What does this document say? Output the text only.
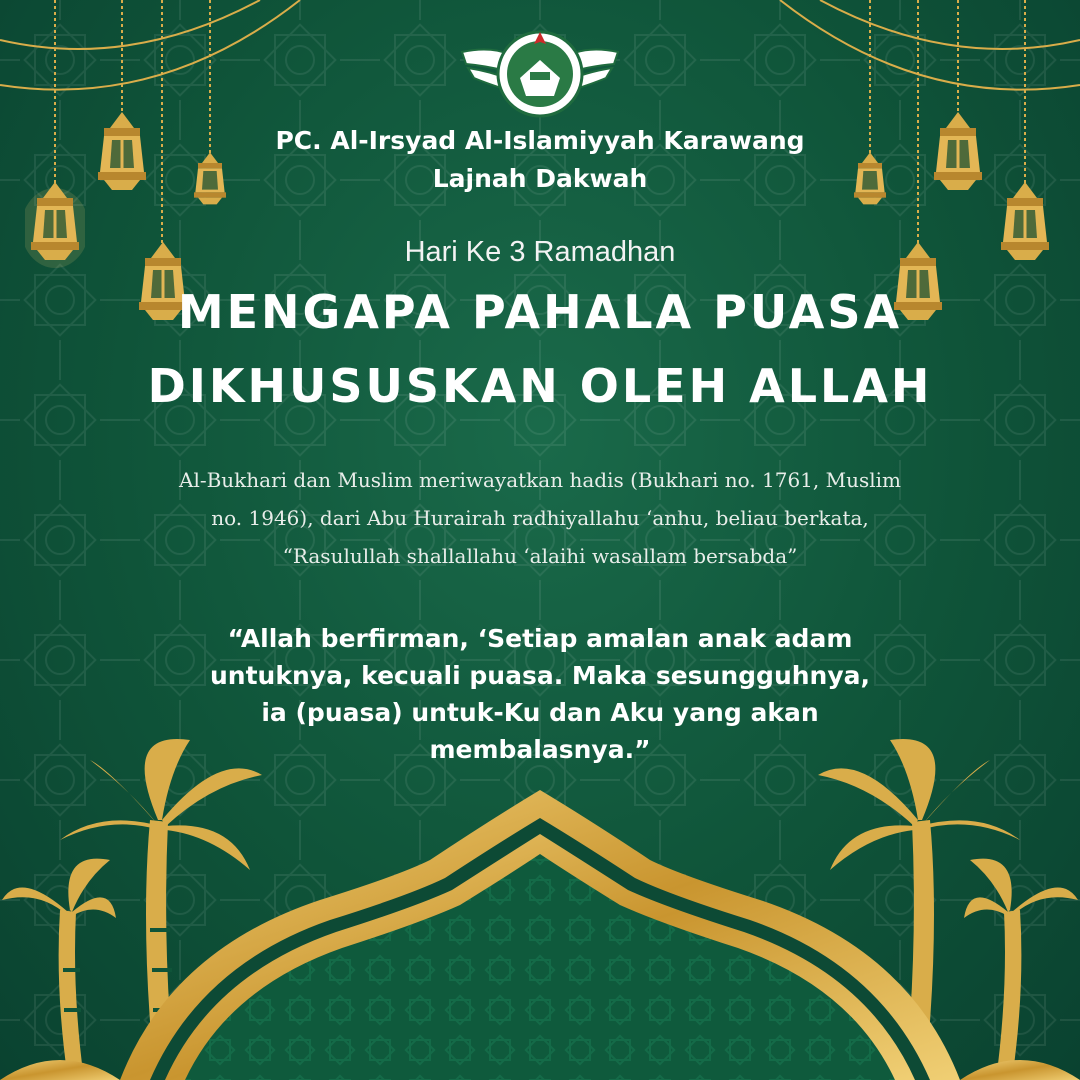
PC. Al-Irsyad Al-Islamiyyah Karawang

Lajnah Dakwah

Hari Ke 3 Ramadhan

MENGAPA PAHALA PUASA
DIKHUSUSKAN OLEH ALLAH

Al-Bukhari dan Muslim meriwayatkan hadis (Bukhari no. 1761, Muslim

no. 1946), dari Abu Hurairah radhiyallahu ‘anhu, beliau berkata,

“Rasulullah shallallahu ‘alaihi wasallam bersabda”

“Allah berfirman, ‘Setiap amalan anak adam

untuknya, kecuali puasa. Maka sesungguhnya,

ia (puasa) untuk-Ku dan Aku yang akan

membalasnya.”
